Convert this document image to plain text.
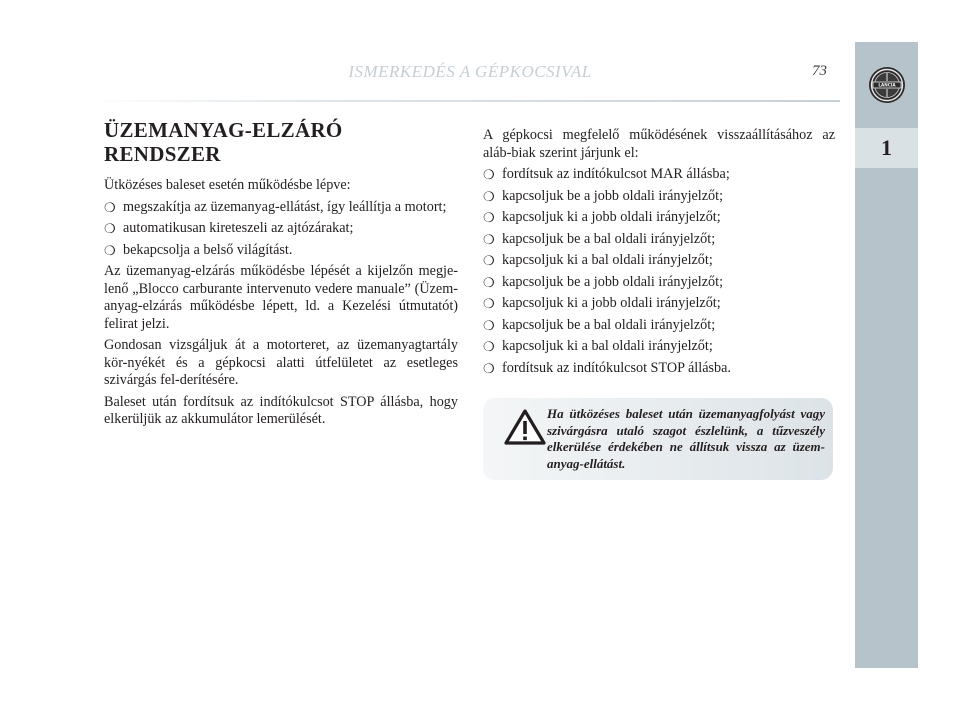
ISMERKEDÉS A GÉPKOCSIVAL	73
LANCIA
1
ÜZEMANYAG-ELZÁRÓ RENDSZER

Ütközéses baleset esetén működésbe lépve:

❍ megszakítja az üzemanyag-ellátást, így leállítja a motort;
❍ automatikusan kireteszeli az ajtózárakat;
❍ bekapcsolja a belső világítást.

Az üzemanyag-elzárás működésbe lépését a kijelzőn megje-lenő „Blocco carburante intervenuto vedere manuale” (Üzem-anyag-elzárás működésbe lépett, ld. a Kezelési útmutatót) felirat jelzi.

Gondosan vizsgáljuk át a motorteret, az üzemanyagtartály kör-nyékét és a gépkocsi alatti útfelületet az esetleges szivárgás fel-derítésére.

Baleset után fordítsuk az indítókulcsot STOP állásba, hogy elkerüljük az akkumulátor lemerülését.

A gépkocsi megfelelő működésének visszaállításához az aláb-biak szerint járjunk el:

❍ fordítsuk az indítókulcsot MAR állásba;
❍ kapcsoljuk be a jobb oldali irányjelzőt;
❍ kapcsoljuk ki a jobb oldali irányjelzőt;
❍ kapcsoljuk be a bal oldali irányjelzőt;
❍ kapcsoljuk ki a bal oldali irányjelzőt;
❍ kapcsoljuk be a jobb oldali irányjelzőt;
❍ kapcsoljuk ki a jobb oldali irányjelzőt;
❍ kapcsoljuk be a bal oldali irányjelzőt;
❍ kapcsoljuk ki a bal oldali irányjelzőt;
❍ fordítsuk az indítókulcsot STOP állásba.
Ha ütközéses baleset után üzemanyagfolyást vagy szivárgásra utaló szagot észlelünk, a tűzveszély elkerülése érdekében ne állítsuk vissza az üzem-anyag-ellátást.
